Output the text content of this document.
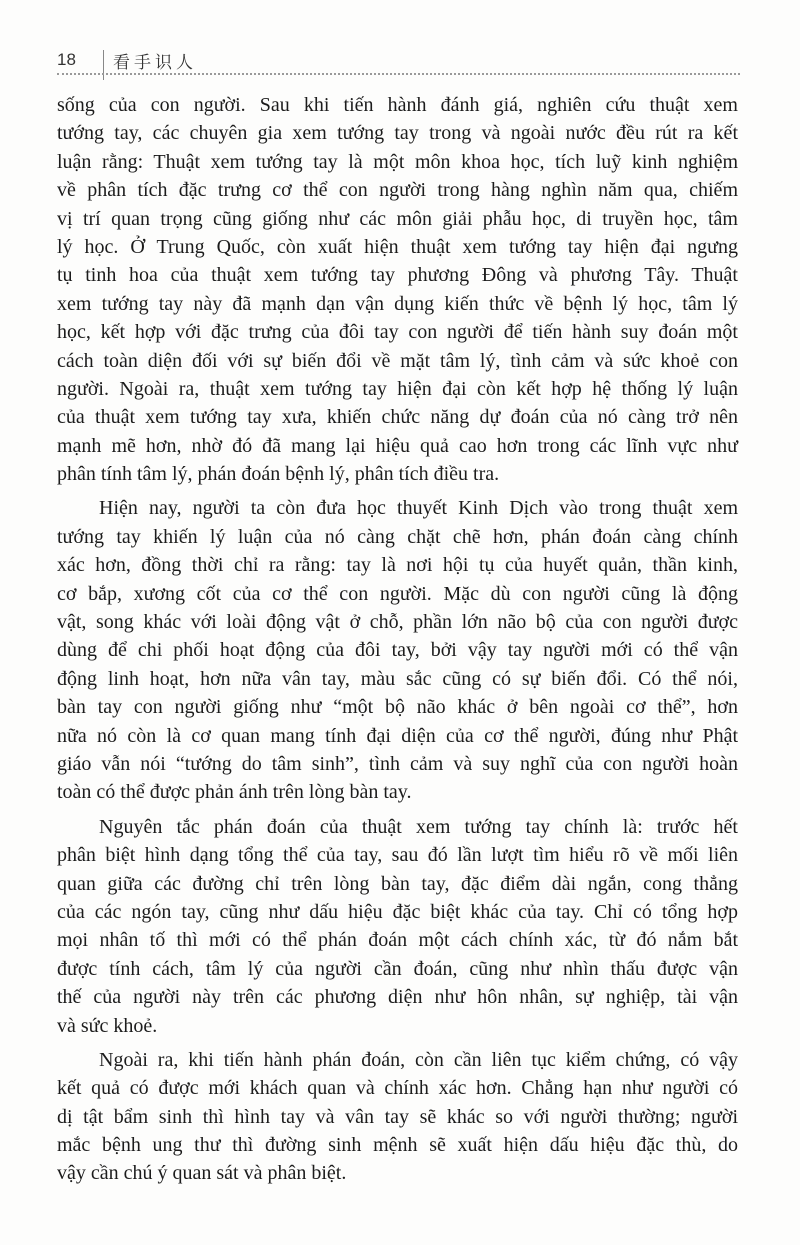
18 看手识人
sống của con người. Sau khi tiến hành đánh giá, nghiên cứu thuật xem
tướng tay, các chuyên gia xem tướng tay trong và ngoài nước đều rút ra kết
luận rằng: Thuật xem tướng tay là một môn khoa học, tích luỹ kinh nghiệm
về phân tích đặc trưng cơ thể con người trong hàng nghìn năm qua, chiếm
vị trí quan trọng cũng giống như các môn giải phẫu học, di truyền học, tâm
lý học. Ở Trung Quốc, còn xuất hiện thuật xem tướng tay hiện đại ngưng
tụ tinh hoa của thuật xem tướng tay phương Đông và phương Tây. Thuật
xem tướng tay này đã mạnh dạn vận dụng kiến thức về bệnh lý học, tâm lý
học, kết hợp với đặc trưng của đôi tay con người để tiến hành suy đoán một
cách toàn diện đối với sự biến đổi về mặt tâm lý, tình cảm và sức khoẻ con
người. Ngoài ra, thuật xem tướng tay hiện đại còn kết hợp hệ thống lý luận
của thuật xem tướng tay xưa, khiến chức năng dự đoán của nó càng trở nên
mạnh mẽ hơn, nhờ đó đã mang lại hiệu quả cao hơn trong các lĩnh vực như
phân tính tâm lý, phán đoán bệnh lý, phân tích điều tra.
Hiện nay, người ta còn đưa học thuyết Kinh Dịch vào trong thuật xem
tướng tay khiến lý luận của nó càng chặt chẽ hơn, phán đoán càng chính
xác hơn, đồng thời chỉ ra rằng: tay là nơi hội tụ của huyết quản, thần kinh,
cơ bắp, xương cốt của cơ thể con người. Mặc dù con người cũng là động
vật, song khác với loài động vật ở chỗ, phần lớn não bộ của con người được
dùng để chi phối hoạt động của đôi tay, bởi vậy tay người mới có thể vận
động linh hoạt, hơn nữa vân tay, màu sắc cũng có sự biến đổi. Có thể nói,
bàn tay con người giống như “một bộ não khác ở bên ngoài cơ thể”, hơn
nữa nó còn là cơ quan mang tính đại diện của cơ thể người, đúng như Phật
giáo vẫn nói “tướng do tâm sinh”, tình cảm và suy nghĩ của con người hoàn
toàn có thể được phản ánh trên lòng bàn tay.
Nguyên tắc phán đoán của thuật xem tướng tay chính là: trước hết
phân biệt hình dạng tổng thể của tay, sau đó lần lượt tìm hiểu rõ về mối liên
quan giữa các đường chỉ trên lòng bàn tay, đặc điểm dài ngắn, cong thẳng
của các ngón tay, cũng như dấu hiệu đặc biệt khác của tay. Chỉ có tổng hợp
mọi nhân tố thì mới có thể phán đoán một cách chính xác, từ đó nắm bắt
được tính cách, tâm lý của người cần đoán, cũng như nhìn thấu được vận
thế của người này trên các phương diện như hôn nhân, sự nghiệp, tài vận
và sức khoẻ.
Ngoài ra, khi tiến hành phán đoán, còn cần liên tục kiểm chứng, có vậy
kết quả có được mới khách quan và chính xác hơn. Chẳng hạn như người có
dị tật bẩm sinh thì hình tay và vân tay sẽ khác so với người thường; người
mắc bệnh ung thư thì đường sinh mệnh sẽ xuất hiện dấu hiệu đặc thù, do
vậy cần chú ý quan sát và phân biệt.
